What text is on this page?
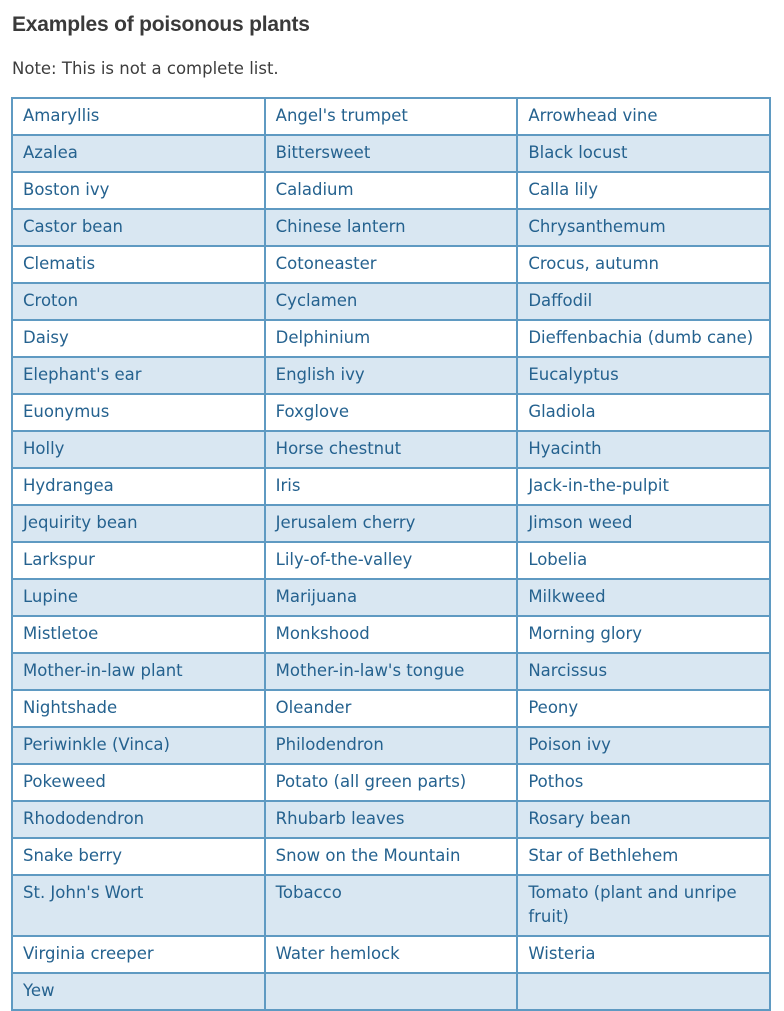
Examples of poisonous plants

Note: This is not a complete list.

Amaryllis	Angel's trumpet	Arrowhead vine
Azalea	Bittersweet	Black locust
Boston ivy	Caladium	Calla lily
Castor bean	Chinese lantern	Chrysanthemum
Clematis	Cotoneaster	Crocus, autumn
Croton	Cyclamen	Daffodil
Daisy	Delphinium	Dieffenbachia (dumb cane)
Elephant's ear	English ivy	Eucalyptus
Euonymus	Foxglove	Gladiola
Holly	Horse chestnut	Hyacinth
Hydrangea	Iris	Jack-in-the-pulpit
Jequirity bean	Jerusalem cherry	Jimson weed
Larkspur	Lily-of-the-valley	Lobelia
Lupine	Marijuana	Milkweed
Mistletoe	Monkshood	Morning glory
Mother-in-law plant	Mother-in-law's tongue	Narcissus
Nightshade	Oleander	Peony
Periwinkle (Vinca)	Philodendron	Poison ivy
Pokeweed	Potato (all green parts)	Pothos
Rhododendron	Rhubarb leaves	Rosary bean
Snake berry	Snow on the Mountain	Star of Bethlehem
St. John's Wort	Tobacco	Tomato (plant and unripe fruit)
Virginia creeper	Water hemlock	Wisteria
Yew		
